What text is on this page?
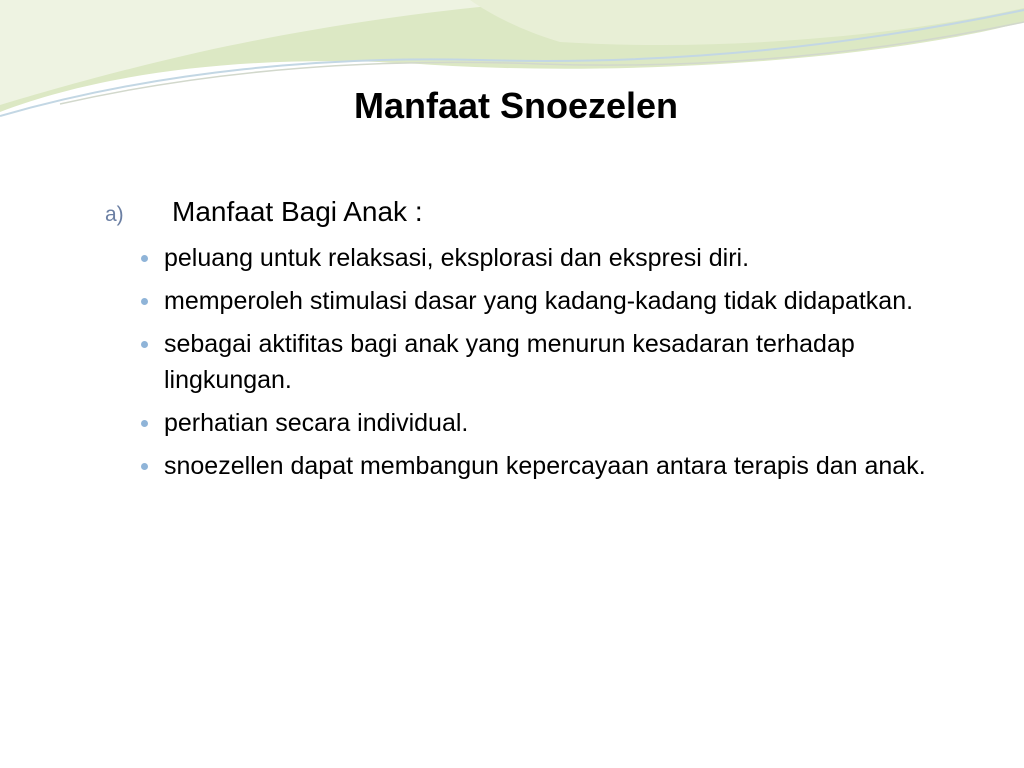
Manfaat Snoezelen
a)	Manfaat Bagi Anak :
peluang untuk relaksasi, eksplorasi dan ekspresi diri.
memperoleh stimulasi dasar yang kadang-kadang tidak didapatkan.
sebagai aktifitas bagi anak yang menurun kesadaran terhadap lingkungan.
perhatian secara individual.
snoezellen dapat membangun kepercayaan antara terapis dan anak.
